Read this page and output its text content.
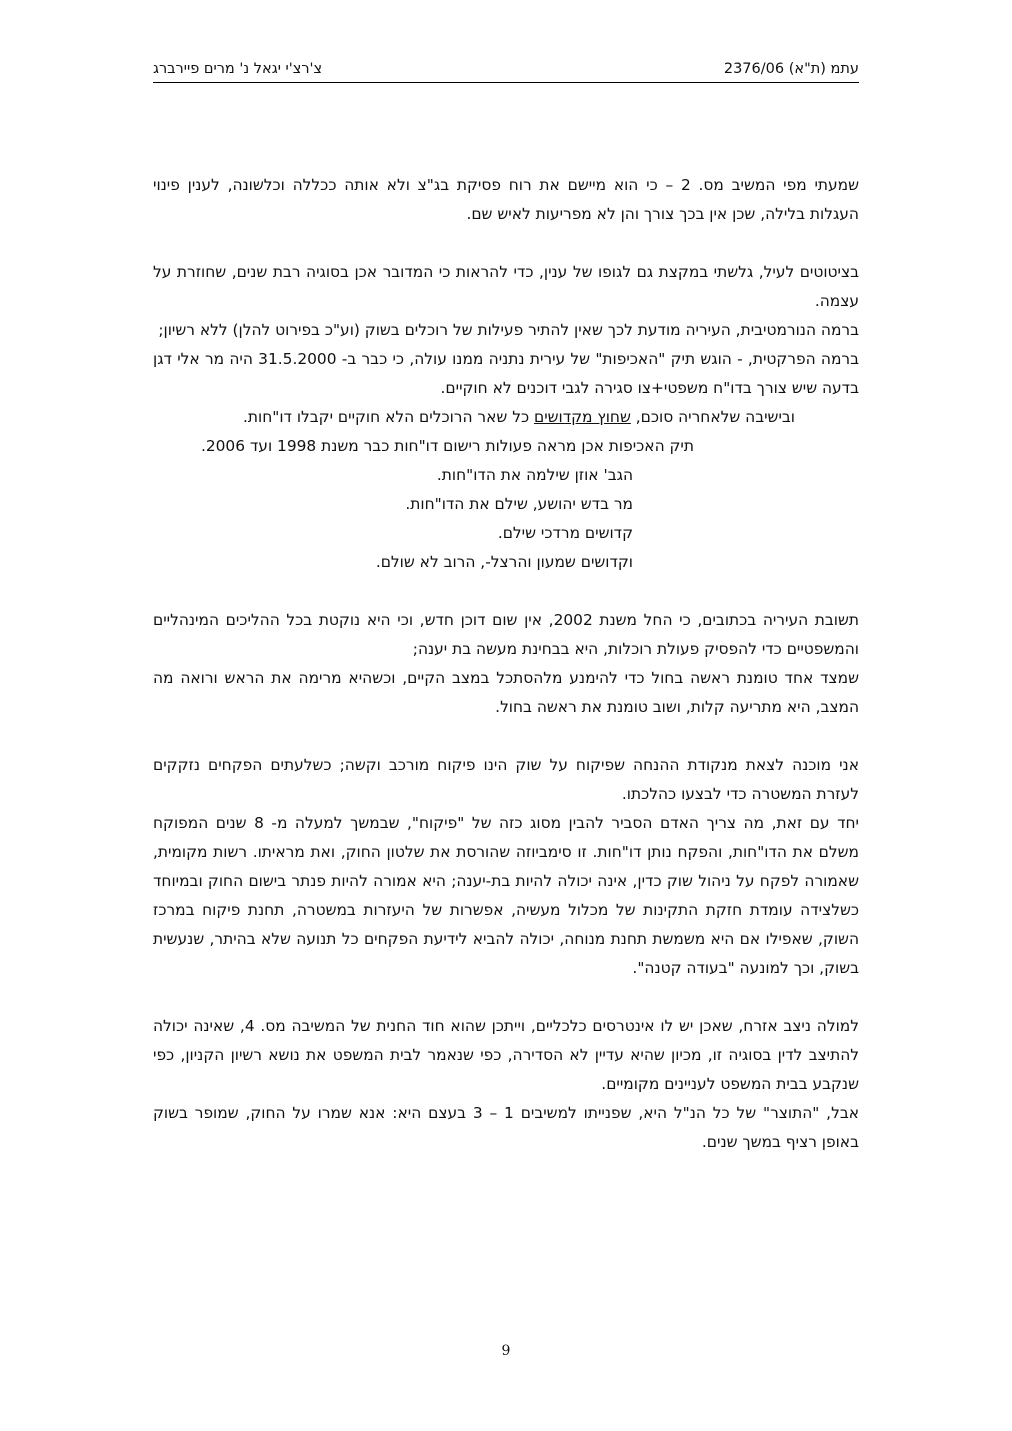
עתמ (ת"א) 2376/06
צ'רצ'י יגאל נ' מרים פיירברג

שמעתי מפי המשיב מס. 2 – כי הוא מיישם את רוח פסיקת בג"צ ולא אותה ככללה וכלשונה, לענין פינוי העגלות בלילה, שכן אין בכך צורך והן לא מפריעות לאיש שם.

בציטוטים לעיל, גלשתי במקצת גם לגופו של ענין, כדי להראות כי המדובר אכן בסוגיה רבת שנים, שחוזרת על עצמה.

ברמה הנורמטיבית, העיריה מודעת לכך שאין להתיר פעילות של רוכלים בשוק (וע"כ בפירוט להלן) ללא רשיון;

ברמה הפרקטית, - הוגש תיק "האכיפות" של עירית נתניה ממנו עולה, כי כבר ב- 31.5.2000 היה מר אלי דגן בדעה שיש צורך בדו"ח משפטי+צו סגירה לגבי דוכנים לא חוקיים.

ובישיבה שלאחריה סוכם, שחוץ מקדושים כל שאר הרוכלים הלא חוקיים יקבלו דו"חות.

תיק האכיפות אכן מראה פעולות רישום דו"חות כבר משנת 1998 ועד 2006.

הגב' אוזן שילמה את הדו"חות.

מר בדש יהושע, שילם את הדו"חות.

קדושים מרדכי שילם.

וקדושים שמעון והרצל-, הרוב לא שולם.

תשובת העיריה בכתובים, כי החל משנת 2002, אין שום דוכן חדש, וכי היא נוקטת בכל ההליכים המינהליים והמשפטיים כדי להפסיק פעולת רוכלות, היא בבחינת מעשה בת יענה;

שמצד אחד טומנת ראשה בחול כדי להימנע מלהסתכל במצב הקיים, וכשהיא מרימה את הראש ורואה מה המצב, היא מתריעה קלות, ושוב טומנת את ראשה בחול.

אני מוכנה לצאת מנקודת ההנחה שפיקוח על שוק הינו פיקוח מורכב וקשה; כשלעתים הפקחים נזקקים לעזרת המשטרה כדי לבצעו כהלכתו.

יחד עם זאת, מה צריך האדם הסביר להבין מסוג כזה של "פיקוח", שבמשך למעלה מ- 8 שנים המפוקח משלם את הדו"חות, והפקח נותן דו"חות. זו סימביוזה שהורסת את שלטון החוק, ואת מראיתו. רשות מקומית, שאמורה לפקח על ניהול שוק כדין, אינה יכולה להיות בת-יענה; היא אמורה להיות פנתר בישום החוק ובמיוחד כשלצידה עומדת חזקת התקינות של מכלול מעשיה, אפשרות של היעזרות במשטרה, תחנת פיקוח במרכז השוק, שאפילו אם היא משמשת תחנת מנוחה, יכולה להביא לידיעת הפקחים כל תנועה שלא בהיתר, שנעשית בשוק, וכך למונעה "בעודה קטנה".

למולה ניצב אזרח, שאכן יש לו אינטרסים כלכליים, וייתכן שהוא חוד החנית של המשיבה מס. 4, שאינה יכולה להתיצב לדין בסוגיה זו, מכיון שהיא עדיין לא הסדירה, כפי שנאמר לבית המשפט את נושא רשיון הקניון, כפי שנקבע בבית המשפט לעניינים מקומיים.

אבל, "התוצר" של כל הנ"ל היא, שפנייתו למשיבים 1 – 3 בעצם היא: אנא שמרו על החוק, שמופר בשוק באופן רציף במשך שנים.

9
